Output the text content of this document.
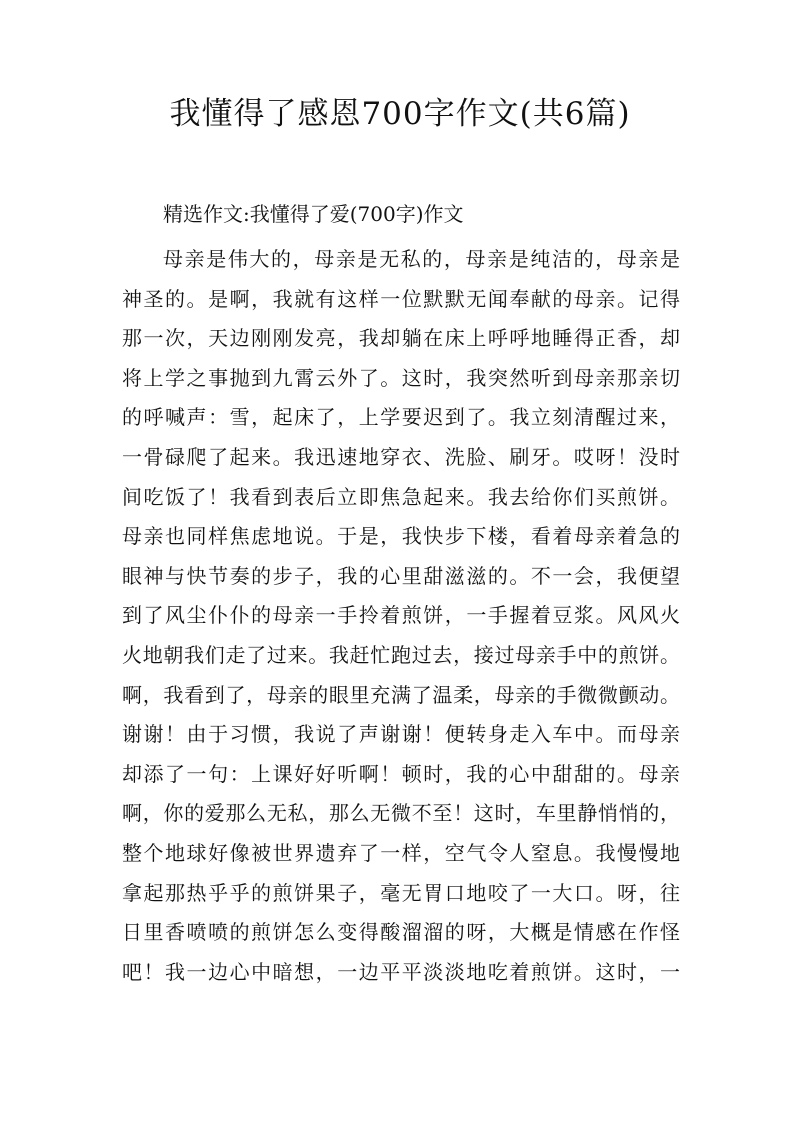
我懂得了感恩700字作文(共6篇)

精选作文:我懂得了爱(700字)作文

母亲是伟大的，母亲是无私的，母亲是纯洁的，母亲是
神圣的。是啊，我就有这样一位默默无闻奉献的母亲。记得
那一次，天边刚刚发亮，我却躺在床上呼呼地睡得正香，却
将上学之事抛到九霄云外了。这时，我突然听到母亲那亲切
的呼喊声：雪，起床了，上学要迟到了。我立刻清醒过来，
一骨碌爬了起来。我迅速地穿衣、洗脸、刷牙。哎呀！没时
间吃饭了！我看到表后立即焦急起来。我去给你们买煎饼。
母亲也同样焦虑地说。于是，我快步下楼，看着母亲着急的
眼神与快节奏的步子，我的心里甜滋滋的。不一会，我便望
到了风尘仆仆的母亲一手拎着煎饼，一手握着豆浆。风风火
火地朝我们走了过来。我赶忙跑过去，接过母亲手中的煎饼。
啊，我看到了，母亲的眼里充满了温柔，母亲的手微微颤动。
谢谢！由于习惯，我说了声谢谢！便转身走入车中。而母亲
却添了一句：上课好好听啊！顿时，我的心中甜甜的。母亲
啊，你的爱那么无私，那么无微不至！这时，车里静悄悄的，
整个地球好像被世界遗弃了一样，空气令人窒息。我慢慢地
拿起那热乎乎的煎饼果子，毫无胃口地咬了一大口。呀，往
日里香喷喷的煎饼怎么变得酸溜溜的呀，大概是情感在作怪
吧！我一边心中暗想，一边平平淡淡地吃着煎饼。这时，一
